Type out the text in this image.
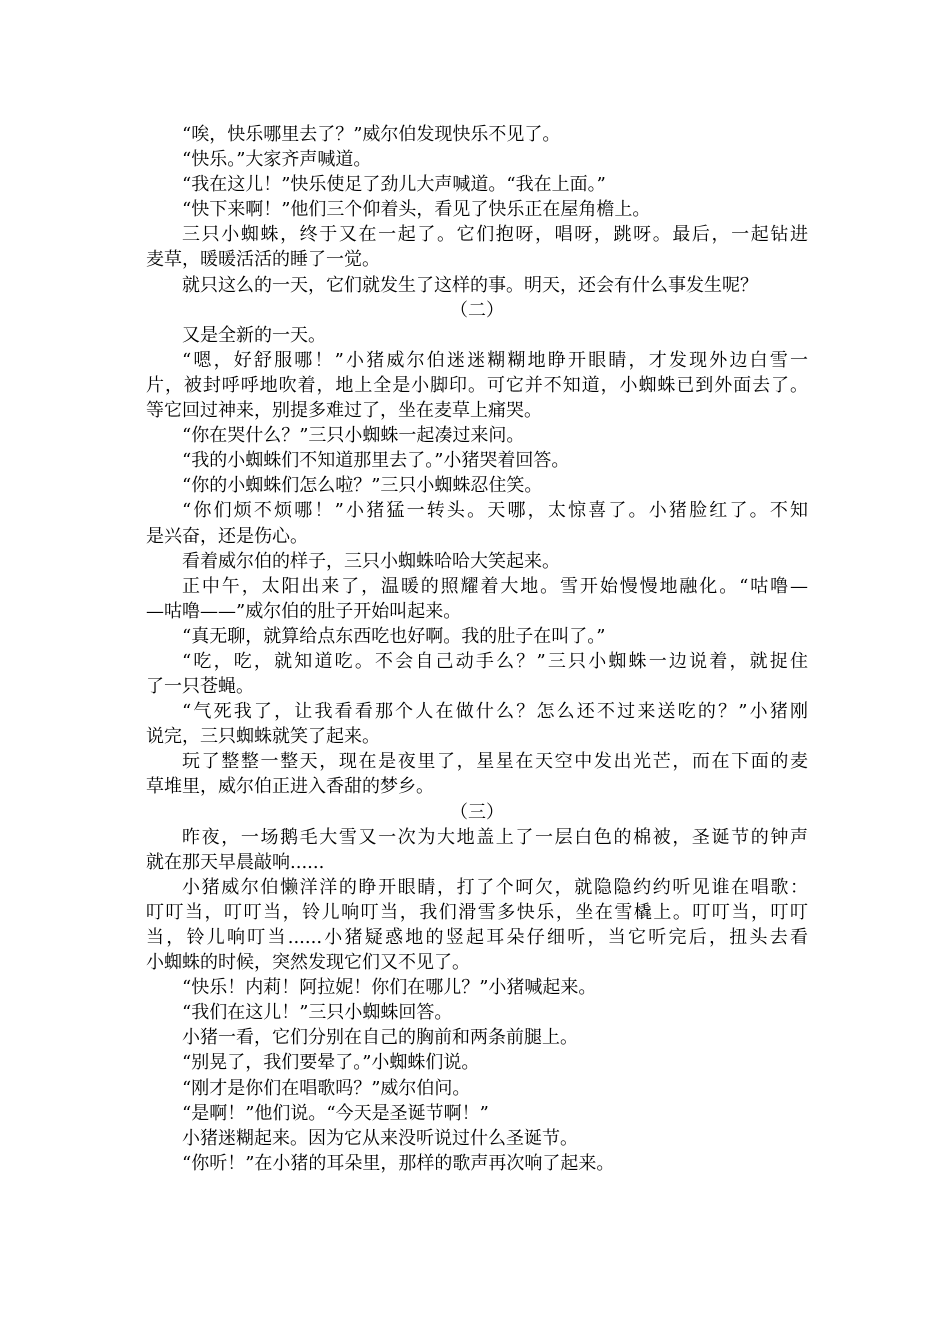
“唉，快乐哪里去了？”威尔伯发现快乐不见了。
“快乐。”大家齐声喊道。
“我在这儿！”快乐使足了劲儿大声喊道。“我在上面。”
“快下来啊！”他们三个仰着头，看见了快乐正在屋角檐上。
三只小蜘蛛，终于又在一起了。它们抱呀，唱呀，跳呀。最后，一起钻进
麦草，暖暖活活的睡了一觉。
就只这么的一天，它们就发生了这样的事。明天，还会有什么事发生呢？
（二）
又是全新的一天。
“嗯，好舒服哪！”小猪威尔伯迷迷糊糊地睁开眼睛，才发现外边白雪一
片，被封呼呼地吹着，地上全是小脚印。可它并不知道，小蜘蛛已到外面去了。
等它回过神来，别提多难过了，坐在麦草上痛哭。
“你在哭什么？”三只小蜘蛛一起凑过来问。
“我的小蜘蛛们不知道那里去了。”小猪哭着回答。
“你的小蜘蛛们怎么啦？”三只小蜘蛛忍住笑。
“你们烦不烦哪！”小猪猛一转头。天哪，太惊喜了。小猪脸红了。不知
是兴奋，还是伤心。
看着威尔伯的样子，三只小蜘蛛哈哈大笑起来。
正中午，太阳出来了，温暖的照耀着大地。雪开始慢慢地融化。“咕噜—
—咕噜——”威尔伯的肚子开始叫起来。
“真无聊，就算给点东西吃也好啊。我的肚子在叫了。”
“吃，吃，就知道吃。不会自己动手么？”三只小蜘蛛一边说着，就捉住
了一只苍蝇。
“气死我了，让我看看那个人在做什么？怎么还不过来送吃的？”小猪刚
说完，三只蜘蛛就笑了起来。
玩了整整一整天，现在是夜里了，星星在天空中发出光芒，而在下面的麦
草堆里，威尔伯正进入香甜的梦乡。
（三）
昨夜，一场鹅毛大雪又一次为大地盖上了一层白色的棉被，圣诞节的钟声
就在那天早晨敲响......
小猪威尔伯懒洋洋的睁开眼睛，打了个呵欠，就隐隐约约听见谁在唱歌：
叮叮当，叮叮当，铃儿响叮当，我们滑雪多快乐，坐在雪橇上。叮叮当，叮叮
当，铃儿响叮当......小猪疑惑地的竖起耳朵仔细听，当它听完后，扭头去看
小蜘蛛的时候，突然发现它们又不见了。
“快乐！内莉！阿拉妮！你们在哪儿？”小猪喊起来。
“我们在这儿！”三只小蜘蛛回答。
小猪一看，它们分别在自己的胸前和两条前腿上。
“别晃了，我们要晕了。”小蜘蛛们说。
“刚才是你们在唱歌吗？”威尔伯问。
“是啊！”他们说。“今天是圣诞节啊！”
小猪迷糊起来。因为它从来没听说过什么圣诞节。
“你听！”在小猪的耳朵里，那样的歌声再次响了起来。
